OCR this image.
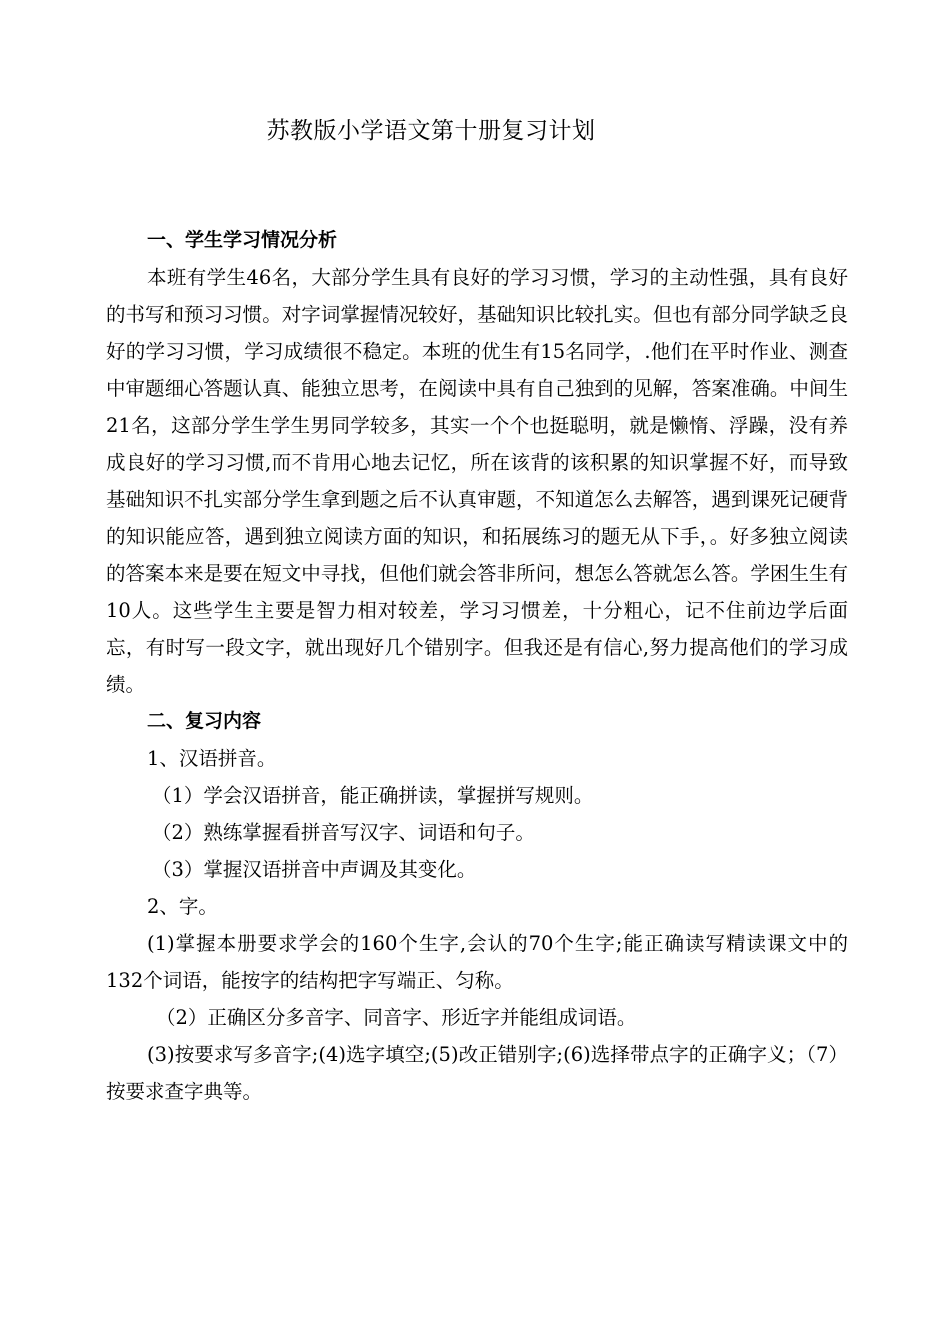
苏教版小学语文第十册复习计划

一、学生学习情况分析

本班有学生46名，大部分学生具有良好的学习习惯，学习的主动性强，具有良好的书写和预习习惯。对字词掌握情况较好，基础知识比较扎实。但也有部分同学缺乏良好的学习习惯，学习成绩很不稳定。本班的优生有15名同学，.他们在平时作业、测查中审题细心答题认真、能独立思考，在阅读中具有自己独到的见解，答案准确。中间生21名，这部分学生学生男同学较多，其实一个个也挺聪明，就是懒惰、浮躁，没有养成良好的学习习惯,而不肯用心地去记忆，所在该背的该积累的知识掌握不好，而导致基础知识不扎实部分学生拿到题之后不认真审题，不知道怎么去解答，遇到课死记硬背的知识能应答，遇到独立阅读方面的知识，和拓展练习的题无从下手，。好多独立阅读的答案本来是要在短文中寻找，但他们就会答非所问，想怎么答就怎么答。学困生生有10人。这些学生主要是智力相对较差，学习习惯差，十分粗心，记不住前边学后面忘，有时写一段文字，就出现好几个错别字。但我还是有信心,努力提高他们的学习成绩。

二、复习内容

1、汉语拼音。

（1）学会汉语拼音，能正确拼读，掌握拼写规则。

（2）熟练掌握看拼音写汉字、词语和句子。

（3）掌握汉语拼音中声调及其变化。

2、字。

(1)掌握本册要求学会的160个生字,会认的70个生字;能正确读写精读课文中的132个词语，能按字的结构把字写端正、匀称。

（2）正确区分多音字、同音字、形近字并能组成词语。

(3)按要求写多音字;(4)选字填空;(5)改正错别字;(6)选择带点字的正确字义；（7）按要求查字典等。
